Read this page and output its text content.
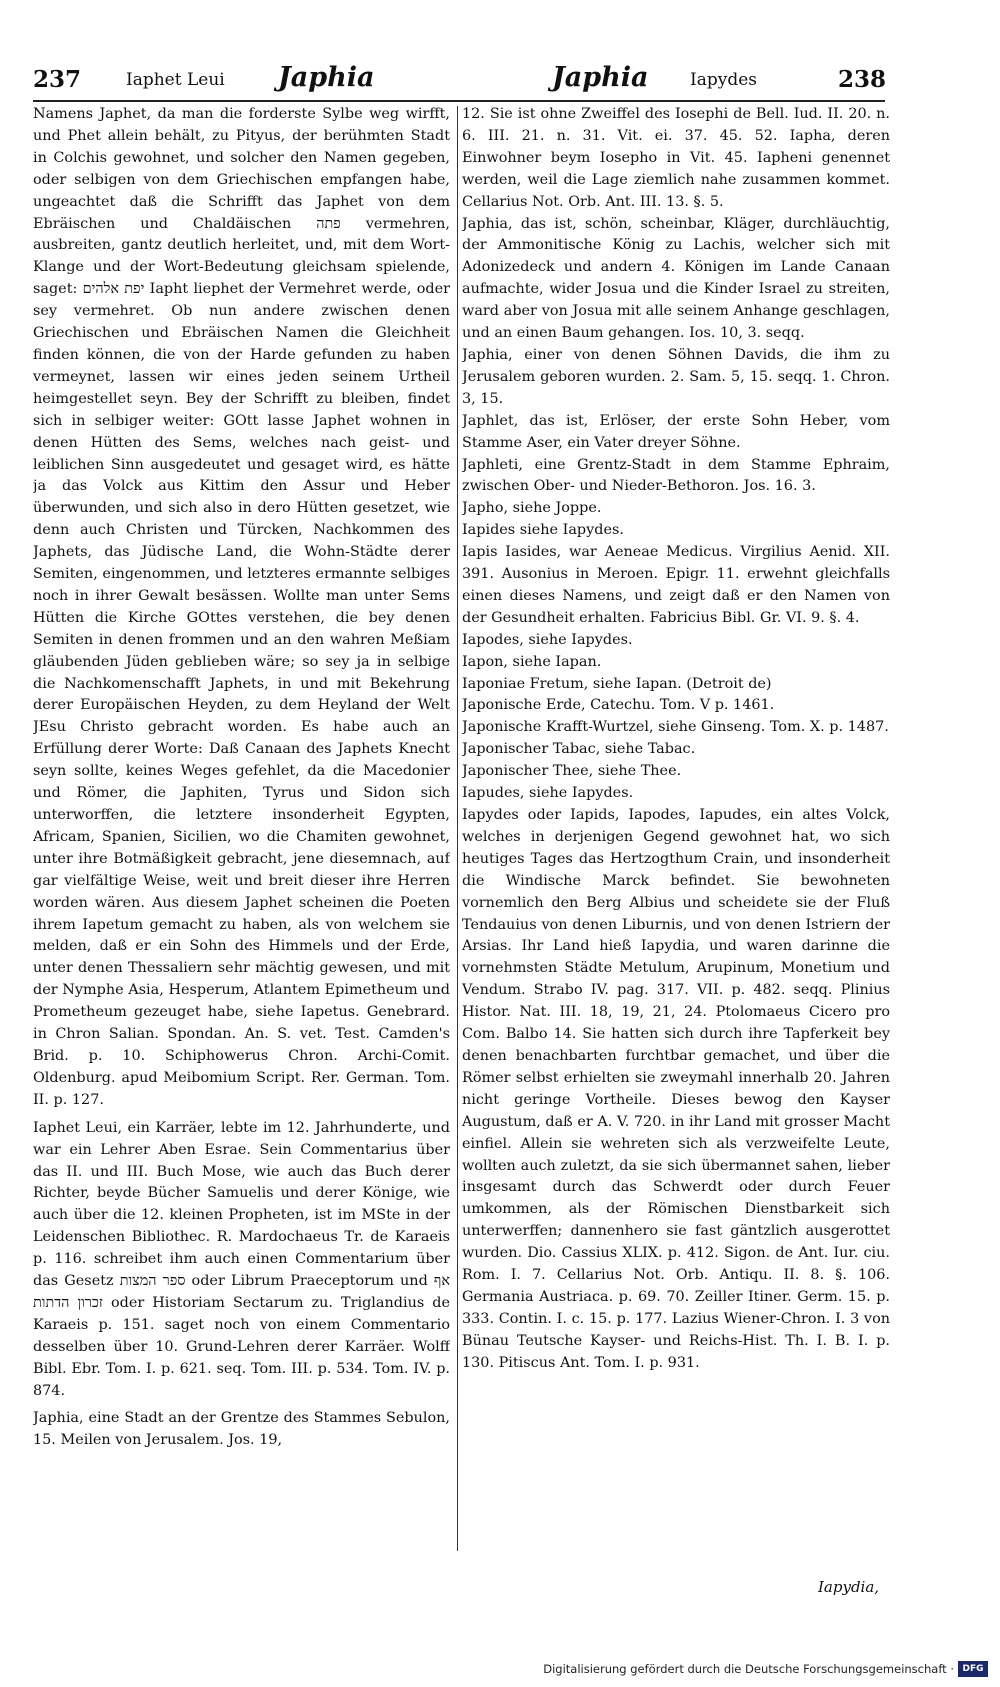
237	Iaphet Leui Japhia	Japhia Iapydes	238

Namens Japhet, da man die forderste Sylbe weg wirfft, und Phet allein behält, zu Pityus, der berühmten Stadt in Colchis gewohnet, und solcher den Namen gegeben, oder selbigen von dem Griechischen empfangen habe, ungeachtet daß die Schrifft das Japhet von dem Ebräischen und Chaldäischen פתה vermehren, ausbreiten, gantz deutlich herleitet, und, mit dem Wort-Klange und der Wort-Bedeutung gleichsam spielende, saget: יפת אלהים Iapht liephet der Vermehret werde, oder sey vermehret. Ob nun andere zwischen denen Griechischen und Ebräischen Namen die Gleichheit finden können, die von der Harde gefunden zu haben vermeynet, lassen wir eines jeden seinem Urtheil heimgestellet seyn. Bey der Schrifft zu bleiben, findet sich in selbiger weiter: GOtt lasse Japhet wohnen in denen Hütten des Sems, welches nach geist- und leiblichen Sinn ausgedeutet und gesaget wird, es hätte ja das Volck aus Kittim den Assur und Heber überwunden, und sich also in dero Hütten gesetzet, wie denn auch Christen und Türcken, Nachkommen des Japhets, das Jüdische Land, die Wohn-Städte derer Semiten, eingenommen, und letzteres ermannte selbiges noch in ihrer Gewalt besässen. Wollte man unter Sems Hütten die Kirche GOttes verstehen, die bey denen Semiten in denen frommen und an den wahren Meßiam gläubenden Jüden geblieben wäre; so sey ja in selbige die Nachkomenschafft Japhets, in und mit Bekehrung derer Europäischen Heyden, zu dem Heyland der Welt JEsu Christo gebracht worden. Es habe auch an Erfüllung derer Worte: Daß Canaan des Japhets Knecht seyn sollte, keines Weges gefehlet, da die Macedonier und Römer, die Japhiten, Tyrus und Sidon sich unterworffen, die letztere insonderheit Egypten, Africam, Spanien, Sicilien, wo die Chamiten gewohnet, unter ihre Botmäßigkeit gebracht, jene diesemnach, auf gar vielfältige Weise, weit und breit dieser ihre Herren worden wären. Aus diesem Japhet scheinen die Poeten ihrem Iapetum gemacht zu haben, als von welchem sie melden, daß er ein Sohn des Himmels und der Erde, unter denen Thessaliern sehr mächtig gewesen, und mit der Nymphe Asia, Hesperum, Atlantem Epimetheum und Prometheum gezeuget habe, siehe Iapetus. Genebrard. in Chron Salian. Spondan. An. S. vet. Test. Camden's Brid. p. 10. Schiphowerus Chron. Archi-Comit. Oldenburg. apud Meibomium Script. Rer. German. Tom. II. p. 127.

Iaphet Leui, ein Karräer, lebte im 12. Jahrhunderte, und war ein Lehrer Aben Esrae. Sein Commentarius über das II. und III. Buch Mose, wie auch das Buch derer Richter, beyde Bücher Samuelis und derer Könige, wie auch über die 12. kleinen Propheten, ist im MSte in der Leidenschen Bibliothec. R. Mardochaeus Tr. de Karaeis p. 116. schreibet ihm auch einen Commentarium über das Gesetz ספר המצות oder Librum Praeceptorum und אף זכרון הדתות oder Historiam Sectarum zu. Triglandius de Karaeis p. 151. saget noch von einem Commentario desselben über 10. Grund-Lehren derer Karräer. Wolff Bibl. Ebr. Tom. I. p. 621. seq. Tom. III. p. 534. Tom. IV. p. 874.

Japhia, eine Stadt an der Grentze des Stammes Sebulon, 15. Meilen von Jerusalem. Jos. 19,

12. Sie ist ohne Zweiffel des Iosephi de Bell. Iud. II. 20. n. 6. III. 21. n. 31. Vit. ei. 37. 45. 52. Iapha, deren Einwohner beym Iosepho in Vit. 45. Iapheni genennet werden, weil die Lage ziemlich nahe zusammen kommet. Cellarius Not. Orb. Ant. III. 13. §. 5.

Japhia, das ist, schön, scheinbar, Kläger, durchläuchtig, der Ammonitische König zu Lachis, welcher sich mit Adonizedeck und andern 4. Königen im Lande Canaan aufmachte, wider Josua und die Kinder Israel zu streiten, ward aber von Josua mit alle seinem Anhange geschlagen, und an einen Baum gehangen. Ios. 10, 3. seqq.

Japhia, einer von denen Söhnen Davids, die ihm zu Jerusalem geboren wurden. 2. Sam. 5, 15. seqq. 1. Chron. 3, 15.

Japhlet, das ist, Erlöser, der erste Sohn Heber, vom Stamme Aser, ein Vater dreyer Söhne.

Japhleti, eine Grentz-Stadt in dem Stamme Ephraim, zwischen Ober- und Nieder-Bethoron. Jos. 16. 3.

Japho, siehe Joppe.

Iapides siehe Iapydes.

Iapis Iasides, war Aeneae Medicus. Virgilius Aenid. XII. 391. Ausonius in Meroen. Epigr. 11. erwehnt gleichfalls einen dieses Namens, und zeigt daß er den Namen von der Gesundheit erhalten. Fabricius Bibl. Gr. VI. 9. §. 4.

Iapodes, siehe Iapydes.

Iapon, siehe Iapan.

Iaponiae Fretum, siehe Iapan. (Detroit de)

Japonische Erde, Catechu. Tom. V p. 1461.

Japonische Krafft-Wurtzel, siehe Ginseng. Tom. X. p. 1487.

Japonischer Tabac, siehe Tabac.

Japonischer Thee, siehe Thee.

Iapudes, siehe Iapydes.

Iapydes oder Iapids, Iapodes, Iapudes, ein altes Volck, welches in derjenigen Gegend gewohnet hat, wo sich heutiges Tages das Hertzogthum Crain, und insonderheit die Windische Marck befindet. Sie bewohneten vornemlich den Berg Albius und scheidete sie der Fluß Tendauius von denen Liburnis, und von denen Istriern der Arsias. Ihr Land hieß Iapydia, und waren darinne die vornehmsten Städte Metulum, Arupinum, Monetium und Vendum. Strabo IV. pag. 317. VII. p. 482. seqq. Plinius Histor. Nat. III. 18, 19, 21, 24. Ptolomaeus Cicero pro Com. Balbo 14. Sie hatten sich durch ihre Tapferkeit bey denen benachbarten furchtbar gemachet, und über die Römer selbst erhielten sie zweymahl innerhalb 20. Jahren nicht geringe Vortheile. Dieses bewog den Kayser Augustum, daß er A. V. 720. in ihr Land mit grosser Macht einfiel. Allein sie wehreten sich als verzweifelte Leute, wollten auch zuletzt, da sie sich übermannet sahen, lieber insgesamt durch das Schwerdt oder durch Feuer umkommen, als der Römischen Dienstbarkeit sich unterwerffen; dannenhero sie fast gäntzlich ausgerottet wurden. Dio. Cassius XLIX. p. 412. Sigon. de Ant. Iur. ciu. Rom. I. 7. Cellarius Not. Orb. Antiqu. II. 8. §. 106. Germania Austriaca. p. 69. 70. Zeiller Itiner. Germ. 15. p. 333. Contin. I. c. 15. p. 177. Lazius Wiener-Chron. I. 3 von Bünau Teutsche Kayser- und Reichs-Hist. Th. I. B. I. p. 130. Pitiscus Ant. Tom. I. p. 931.

Iapydia,
Digitalisierung gefördert durch die Deutsche Forschungsgemeinschaft · DFG
